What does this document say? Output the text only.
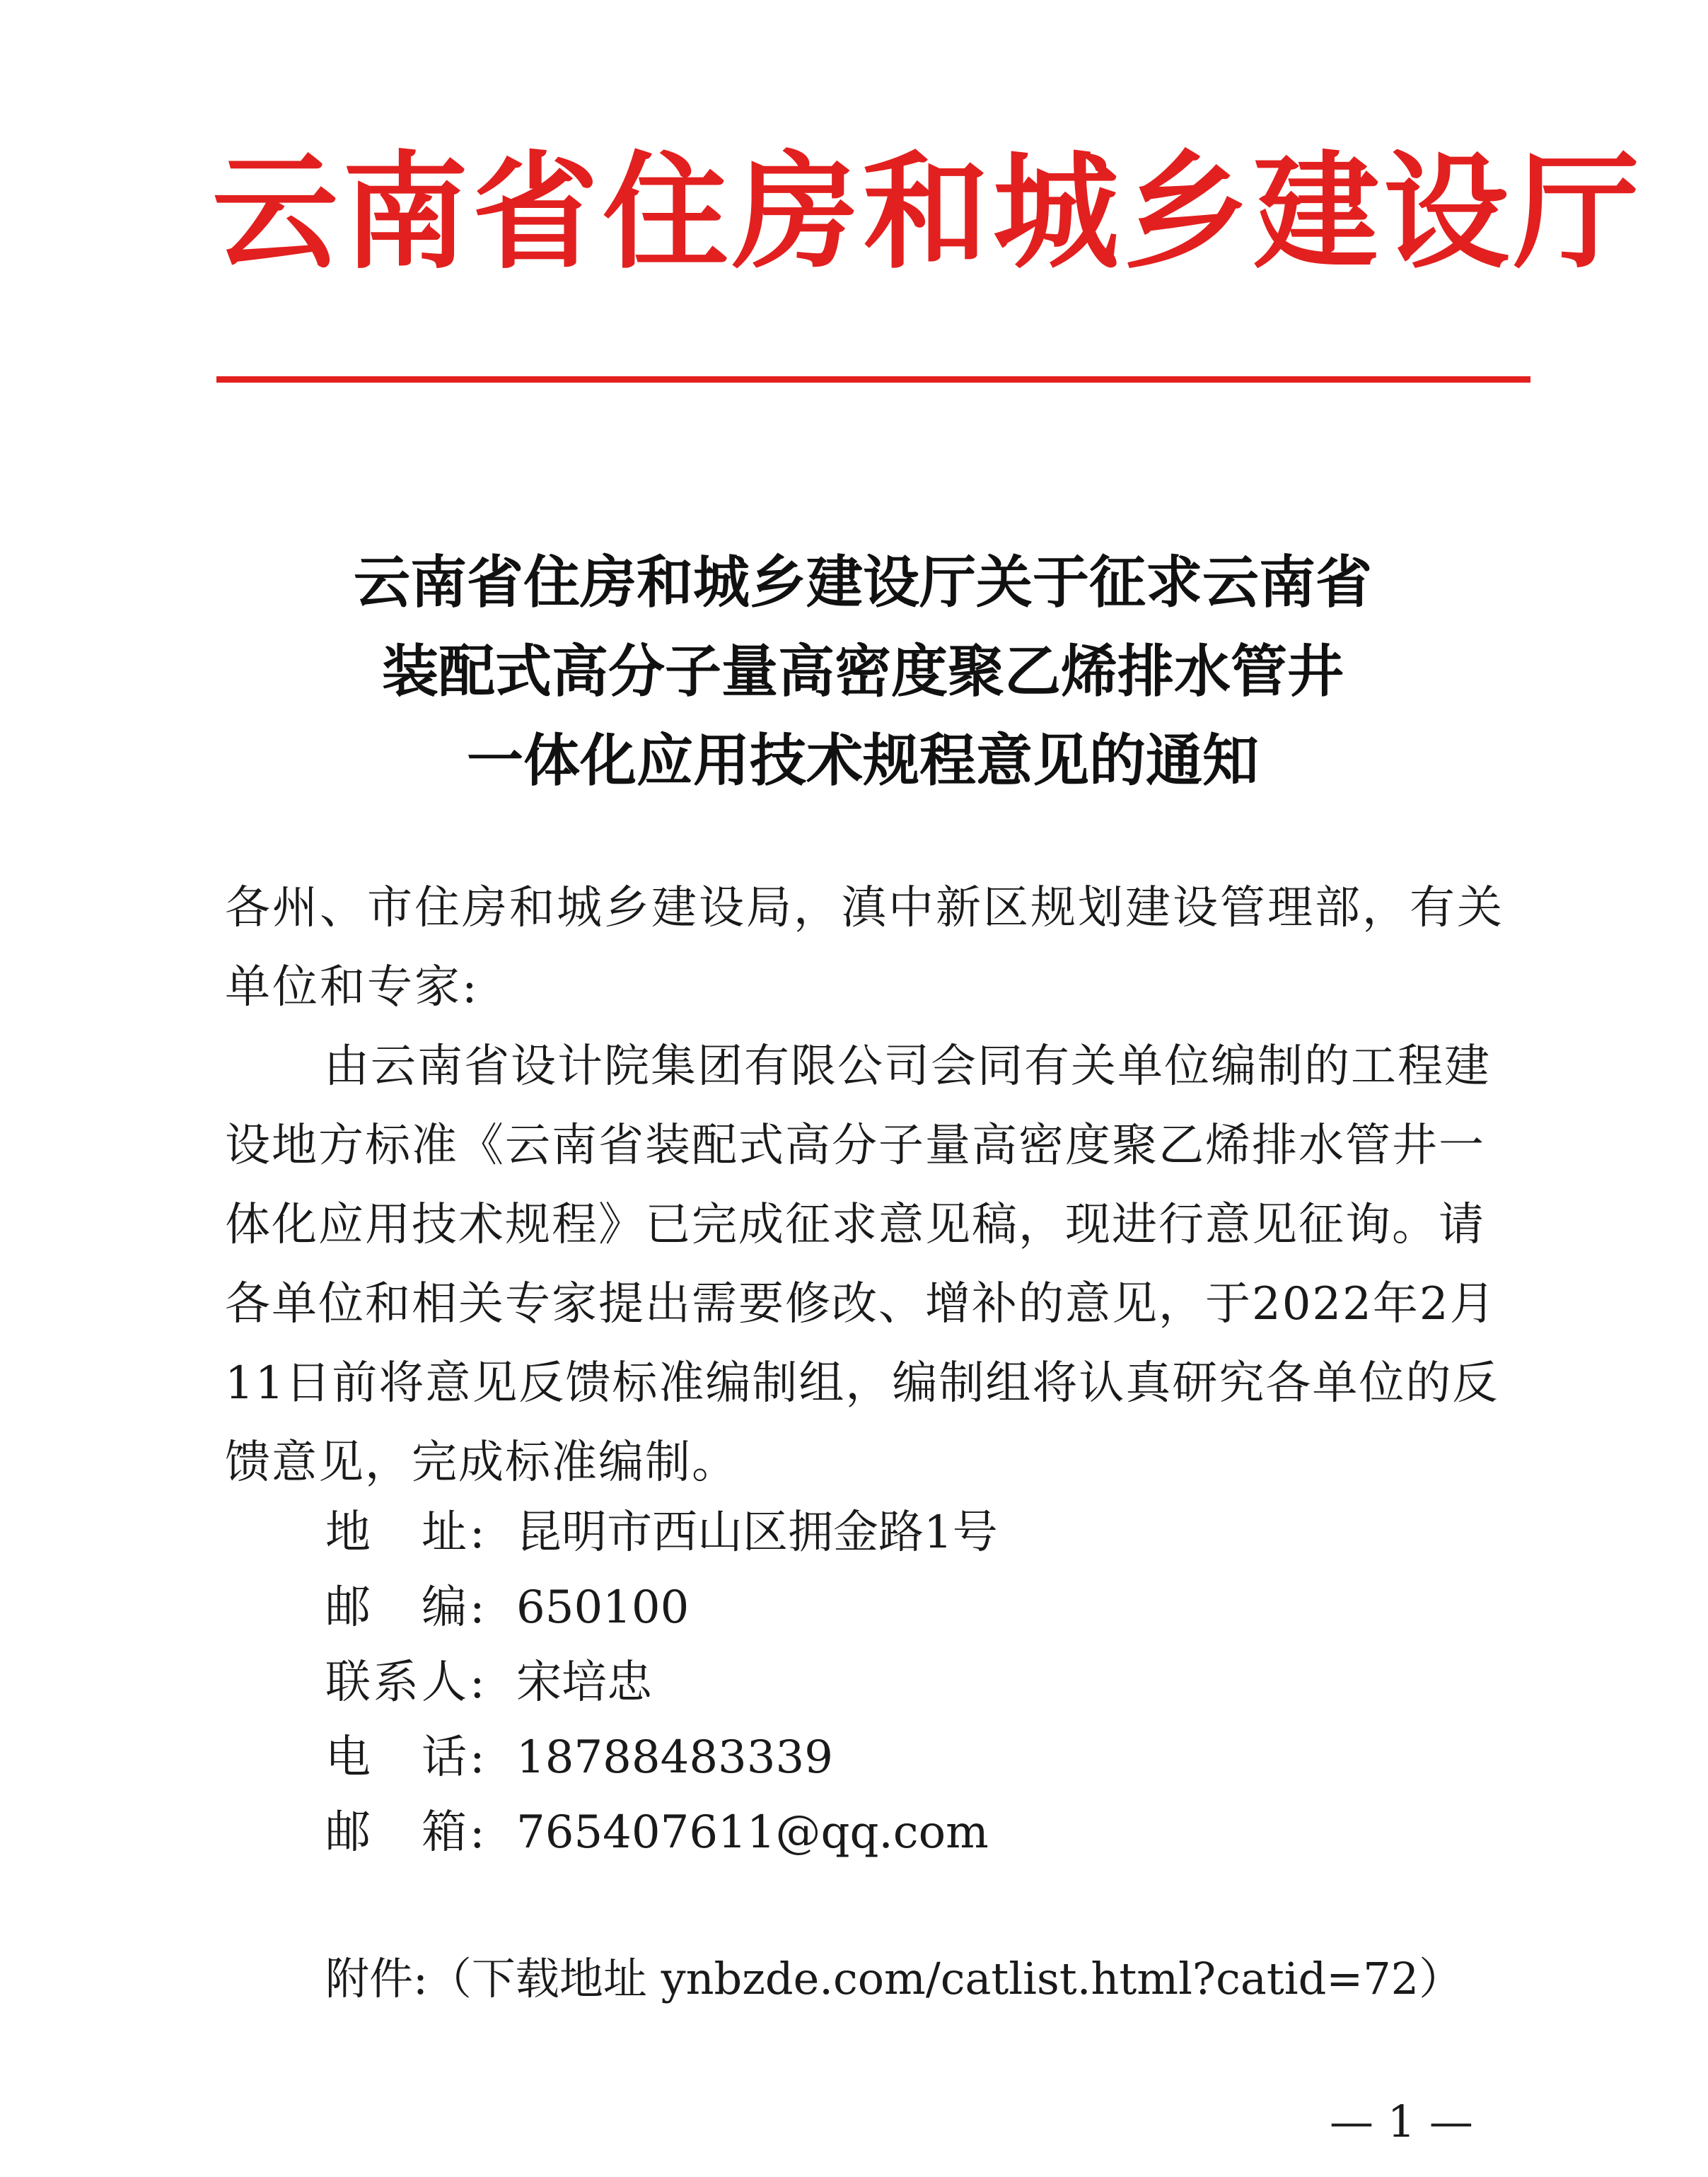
云南省住房和城乡建设厅
云南省住房和城乡建设厅关于征求云南省
装配式高分子量高密度聚乙烯排水管井
一体化应用技术规程意见的通知
各州、市住房和城乡建设局，滇中新区规划建设管理部，有关单位和专家:
由云南省设计院集团有限公司会同有关单位编制的工程建设地方标准《云南省装配式高分子量高密度聚乙烯排水管井一体化应用技术规程》已完成征求意见稿，现进行意见征询。请各单位和相关专家提出需要修改、增补的意见，于2022年2月11日前将意见反馈标准编制组，编制组将认真研究各单位的反馈意见，完成标准编制。
地　址: 昆明市西山区拥金路1号
邮　编: 650100
联系人: 宋培忠
电　话: 18788483339
邮　箱: 765407611@qq.com
附件:（下载地址 ynbzde.com/catlist.html?catid=72）
— 1 —
